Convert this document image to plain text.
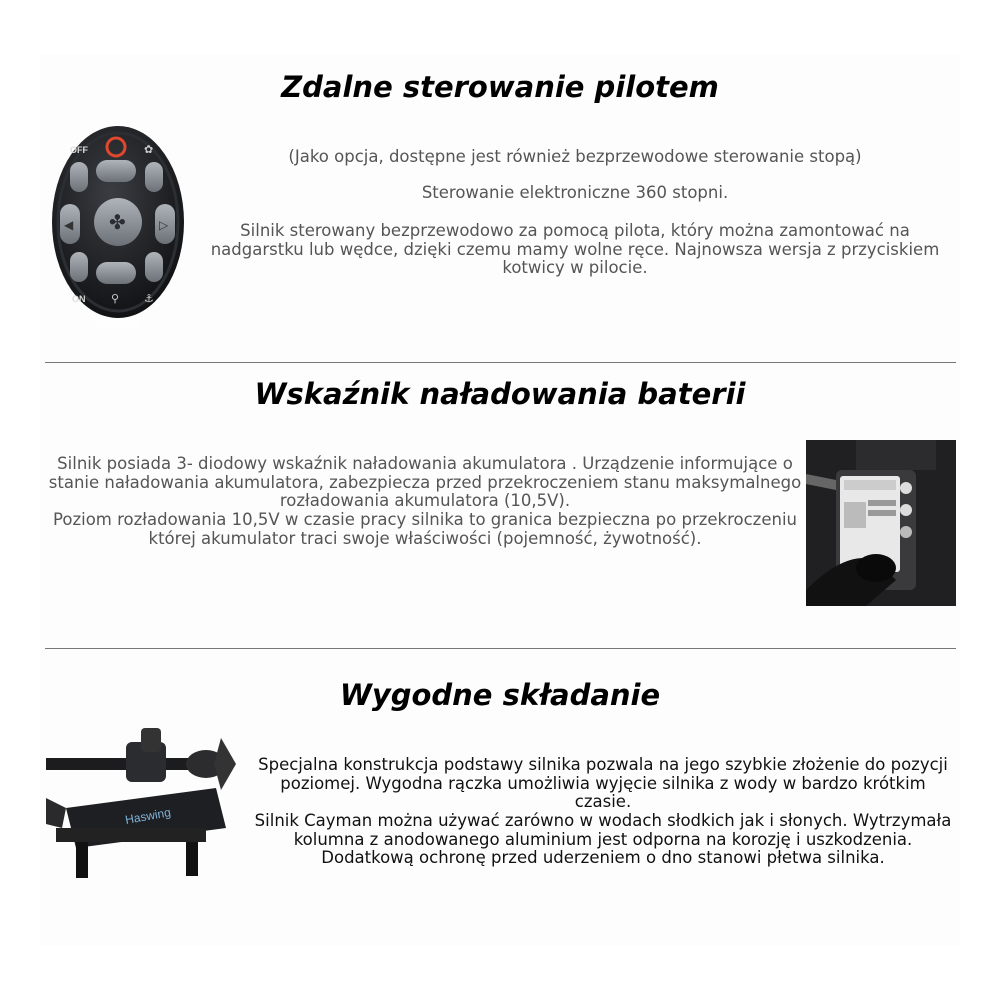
Zdalne sterowanie pilotem
OFF	✿
◀ ✤	▷
ON ⚲ ⚓

(Jako opcja, dostępne jest również bezprzewodowe sterowanie stopą)

Sterowanie elektroniczne 360 stopni.

Silnik sterowany bezprzewodowo za pomocą pilota, który można zamontować na nadgarstku lub wędce, dzięki czemu mamy wolne ręce. Najnowsza wersja z przyciskiem kotwicy w pilocie.

Wskaźnik naładowania baterii

Silnik posiada 3- diodowy wskaźnik naładowania akumulatora . Urządzenie informujące o stanie naładowania akumulatora, zabezpiecza przed przekroczeniem stanu maksymalnego rozładowania akumulatora (10,5V).

Poziom rozładowania 10,5V w czasie pracy silnika to granica bezpieczna po przekroczeniu której akumulator traci swoje właściwości (pojemność, żywotność).

Wygodne składanie
Haswing

Specjalna konstrukcja podstawy silnika pozwala na jego szybkie złożenie do pozycji poziomej. Wygodna rączka umożliwia wyjęcie silnika z wody w bardzo krótkim czasie.

Silnik Cayman można używać zarówno w wodach słodkich jak i słonych. Wytrzymała kolumna z anodowanego aluminium jest odporna na korozję i uszkodzenia. Dodatkową ochronę przed uderzeniem o dno stanowi płetwa silnika.
